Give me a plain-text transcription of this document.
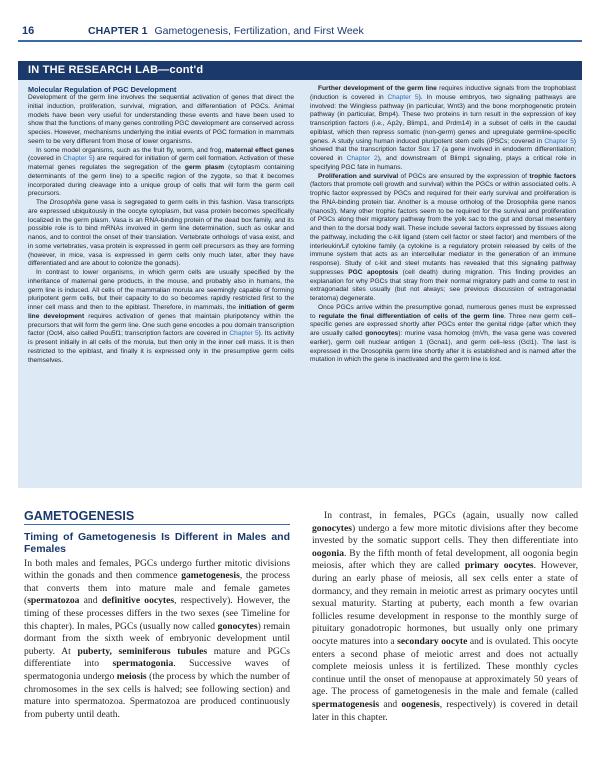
16	CHAPTER 1 Gametogenesis, Fertilization, and First Week
IN THE RESEARCH LAB—cont'd
Molecular Regulation of PGC Development

Development of the germ line involves the sequential activation of genes that direct the initial induction, proliferation, survival, migration, and differentiation of PGCs. Animal models have been very useful for understanding these events and have been used to show that the functions of many genes controlling PGC development are conserved across species. However, mechanisms underlying the initial events of PGC formation in mammals seem to be very different from those of lower organisms.

In some model organisms, such as the fruit fly, worm, and frog, maternal effect genes (covered in Chapter 5) are required for initiation of germ cell formation. Activation of these maternal genes regulates the segregation of the germ plasm (cytoplasm containing determinants of the germ line) to a specific region of the zygote, so that it becomes incorporated during cleavage into a unique group of cells that will form the germ cell precursors.

The Drosophila gene vasa is segregated to germ cells in this fashion. Vasa transcripts are expressed ubiquitously in the oocyte cytoplasm, but vasa protein becomes specifically localized in the germ plasm. Vasa is an RNA-binding protein of the dead box family, and its possible role is to bind mRNAs involved in germ line determination, such as oskar and nanos, and to control the onset of their translation. Vertebrate orthologs of vasa exist, and in some vertebrates, vasa protein is expressed in germ cell precursors as they are forming (however, in mice, vasa is expressed in germ cells only much later, after they have differentiated and are about to colonize the gonads).

In contrast to lower organisms, in which germ cells are usually specified by the inheritance of maternal gene products, in the mouse, and probably also in humans, the germ line is induced. All cells of the mammalian morula are seemingly capable of forming pluripotent germ cells, but their capacity to do so becomes rapidly restricted first to the inner cell mass and then to the epiblast. Therefore, in mammals, the initiation of germ line development requires activation of genes that maintain pluripotency within the precursors that will form the germ line. One such gene encodes a pou domain transcription factor (Oct4, also called Pou5f1; transcription factors are covered in Chapter 5). Its activity is present initially in all cells of the morula, but then only in the inner cell mass. It is then restricted to the epiblast, and finally it is expressed only in the presumptive germ cells themselves.

Further development of the germ line requires inductive signals from the trophoblast (induction is covered in Chapter 5). In mouse embryos, two signaling pathways are involved: the Wingless pathway (in particular, Wnt3) and the bone morphogenetic protein pathway (in particular, Bmp4). These two proteins in turn result in the expression of key transcription factors (i.e., Ap2γ, Blimp1, and Prdm14) in a subset of cells in the caudal epiblast, which then repress somatic (non-germ) genes and upregulate germline-specific genes. A study using human induced pluripotent stem cells (iPSCs; covered in Chapter 5) showed that the transcription factor Sox 17 (a gene involved in endoderm differentiation; covered in Chapter 2), and downstream of Blimp1 signaling, plays a critical role in specifying PGC fate in humans.

Proliferation and survival of PGCs are ensured by the expression of trophic factors (factors that promote cell growth and survival) within the PGCs or within associated cells. A trophic factor expressed by PGCs and required for their early survival and proliferation is the RNA-binding protein tiar. Another is a mouse ortholog of the Drosophila gene nanos (nanos3). Many other trophic factors seem to be required for the survival and proliferation of PGCs along their migratory pathway from the yolk sac to the gut and dorsal mesentery and then to the dorsal body wall. These include several factors expressed by tissues along the pathway, including the c-kit ligand (stem cell factor or steel factor) and members of the interleukin/Lif cytokine family (a cytokine is a regulatory protein released by cells of the immune system that acts as an intercellular mediator in the generation of an immune response). Study of c-kit and steel mutants has revealed that this signaling pathway suppresses PGC apoptosis (cell death) during migration. This finding provides an explanation for why PGCs that stray from their normal migratory path and come to rest in extragonadal sites usually (but not always; see previous discussion of extragonadal teratoma) degenerate.

Once PGCs arrive within the presumptive gonad, numerous genes must be expressed to regulate the final differentiation of cells of the germ line. Three new germ cell–specific genes are expressed shortly after PGCs enter the genital ridge (after which they are usually called gonocytes): murine vasa homolog (mVh, the vasa gene was covered earlier), germ cell nuclear antigen 1 (Gcna1), and germ cell–less (Gcl1). The last is expressed in the Drosophila germ line shortly after it is established and is named after the mutation in which the gene is inactivated and the germ line is lost.

GAMETOGENESIS
Timing of Gametogenesis Is Different in Males and Females

In both males and females, PGCs undergo further mitotic divisions within the gonads and then commence gametogenesis, the process that converts them into mature male and female gametes (spermatozoa and definitive oocytes, respectively). However, the timing of these processes differs in the two sexes (see Timeline for this chapter). In males, PGCs (usually now called gonocytes) remain dormant from the sixth week of embryonic development until puberty. At puberty, seminiferous tubules mature and PGCs differentiate into spermatogonia. Successive waves of spermatogonia undergo meiosis (the process by which the number of chromosomes in the sex cells is halved; see following section) and mature into spermatozoa. Spermatozoa are produced continuously from puberty until death.

In contrast, in females, PGCs (again, usually now called gonocytes) undergo a few more mitotic divisions after they become invested by the somatic support cells. They then differentiate into oogonia. By the fifth month of fetal development, all oogonia begin meiosis, after which they are called primary oocytes. However, during an early phase of meiosis, all sex cells enter a state of dormancy, and they remain in meiotic arrest as primary oocytes until sexual maturity. Starting at puberty, each month a few ovarian follicles resume development in response to the monthly surge of pituitary gonadotropic hormones, but usually only one primary oocyte matures into a secondary oocyte and is ovulated. This oocyte enters a second phase of meiotic arrest and does not actually complete meiosis unless it is fertilized. These monthly cycles continue until the onset of menopause at approximately 50 years of age. The process of gametogenesis in the male and female (called spermatogenesis and oogenesis, respectively) is covered in detail later in this chapter.
